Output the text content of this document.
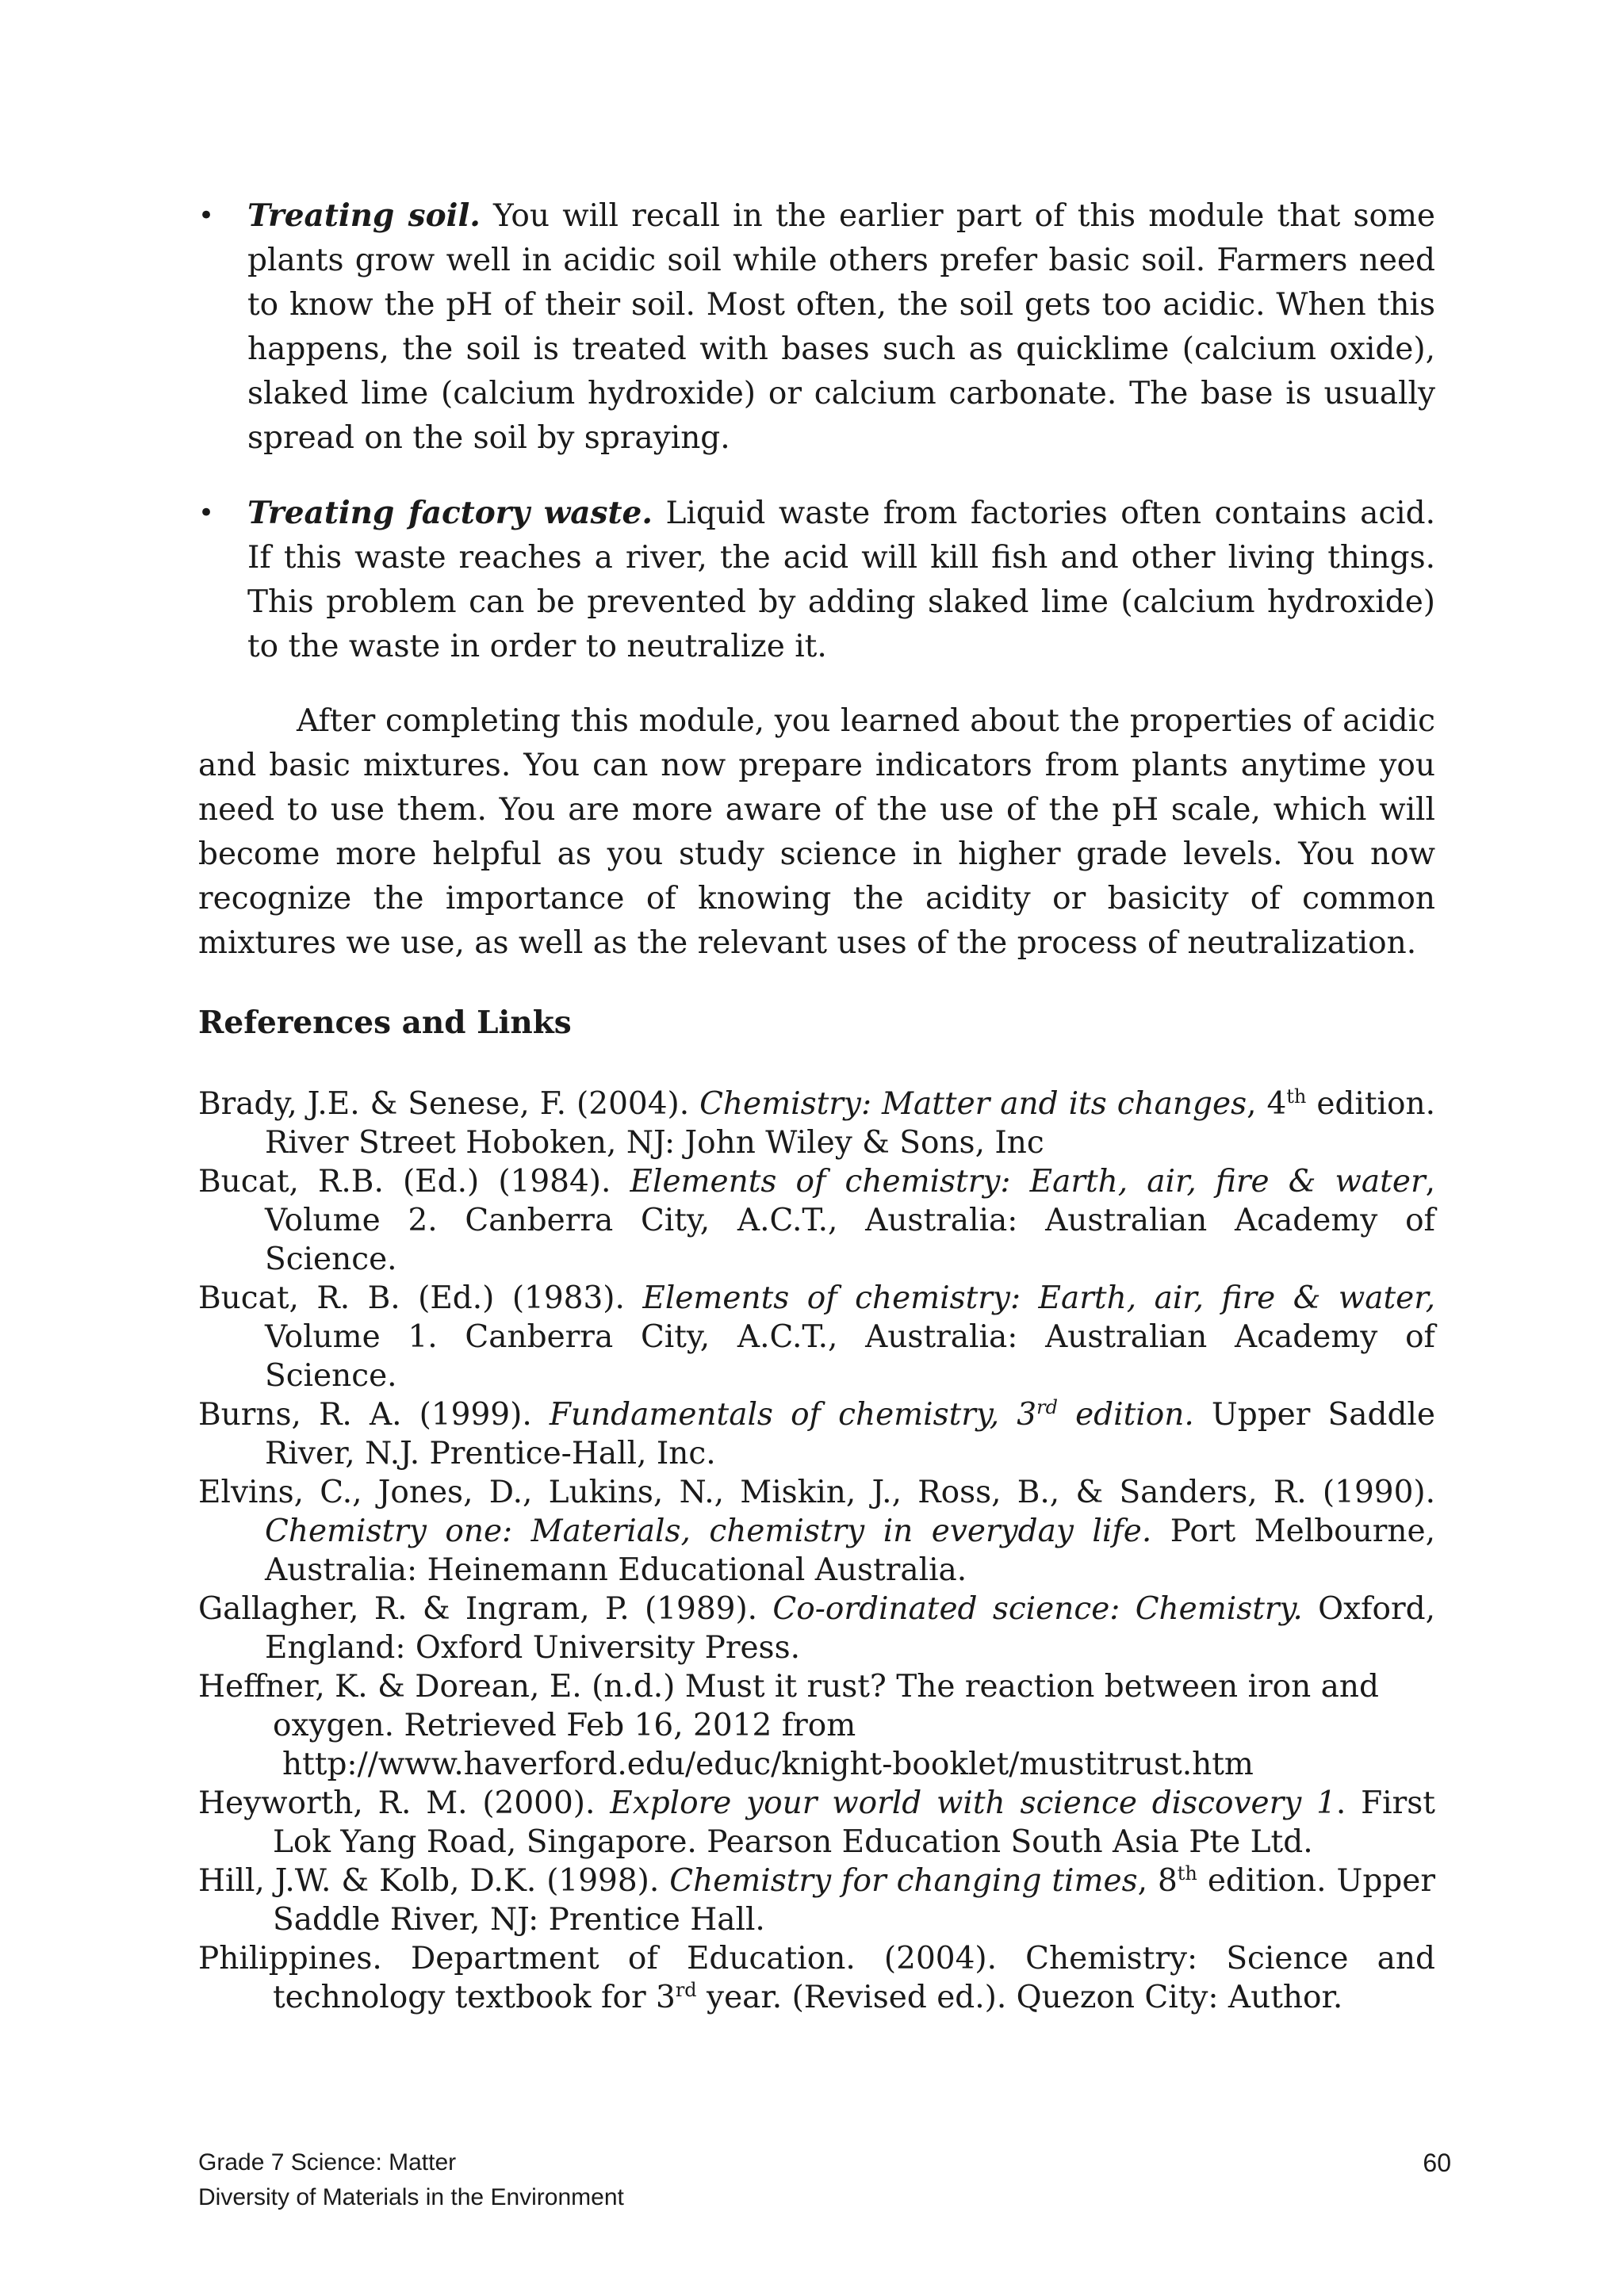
• Treating soil. You will recall in the earlier part of this module that some plants grow well in acidic soil while others prefer basic soil. Farmers need to know the pH of their soil. Most often, the soil gets too acidic. When this happens, the soil is treated with bases such as quicklime (calcium oxide), slaked lime (calcium hydroxide) or calcium carbonate. The base is usually spread on the soil by spraying.
• Treating factory waste. Liquid waste from factories often contains acid. If this waste reaches a river, the acid will kill fish and other living things. This problem can be prevented by adding slaked lime (calcium hydroxide) to the waste in order to neutralize it.

After completing this module, you learned about the properties of acidic and basic mixtures. You can now prepare indicators from plants anytime you need to use them. You are more aware of the use of the pH scale, which will become more helpful as you study science in higher grade levels. You now recognize the importance of knowing the acidity or basicity of common mixtures we use, as well as the relevant uses of the process of neutralization.

References and Links
Brady, J.E. & Senese, F. (2004). Chemistry: Matter and its changes, 4th edition. River Street Hoboken, NJ: John Wiley & Sons, Inc
Bucat, R.B. (Ed.) (1984). Elements of chemistry: Earth, air, fire & water, Volume 2. Canberra City, A.C.T., Australia: Australian Academy of Science.
Bucat, R. B. (Ed.) (1983). Elements of chemistry: Earth, air, fire & water, Volume 1. Canberra City, A.C.T., Australia: Australian Academy of Science.
Burns, R. A. (1999). Fundamentals of chemistry, 3rd edition. Upper Saddle River, N.J. Prentice-Hall, Inc.
Elvins, C., Jones, D., Lukins, N., Miskin, J., Ross, B., & Sanders, R. (1990). Chemistry one: Materials, chemistry in everyday life. Port Melbourne, Australia: Heinemann Educational Australia.
Gallagher, R. & Ingram, P. (1989). Co-ordinated science: Chemistry. Oxford, England: Oxford University Press.
Heffner, K. & Dorean, E. (n.d.) Must it rust? The reaction between iron and oxygen. Retrieved Feb 16, 2012 from
http://www.haverford.edu/educ/knight-booklet/mustitrust.htm
Heyworth, R. M. (2000). Explore your world with science discovery 1. First Lok Yang Road, Singapore. Pearson Education South Asia Pte Ltd.
Hill, J.W. & Kolb, D.K. (1998). Chemistry for changing times, 8th edition. Upper Saddle River, NJ: Prentice Hall.
Philippines. Department of Education. (2004). Chemistry: Science and technology textbook for 3rd year. (Revised ed.). Quezon City: Author.
Grade 7 Science: Matter
Diversity of Materials in the Environment
60
